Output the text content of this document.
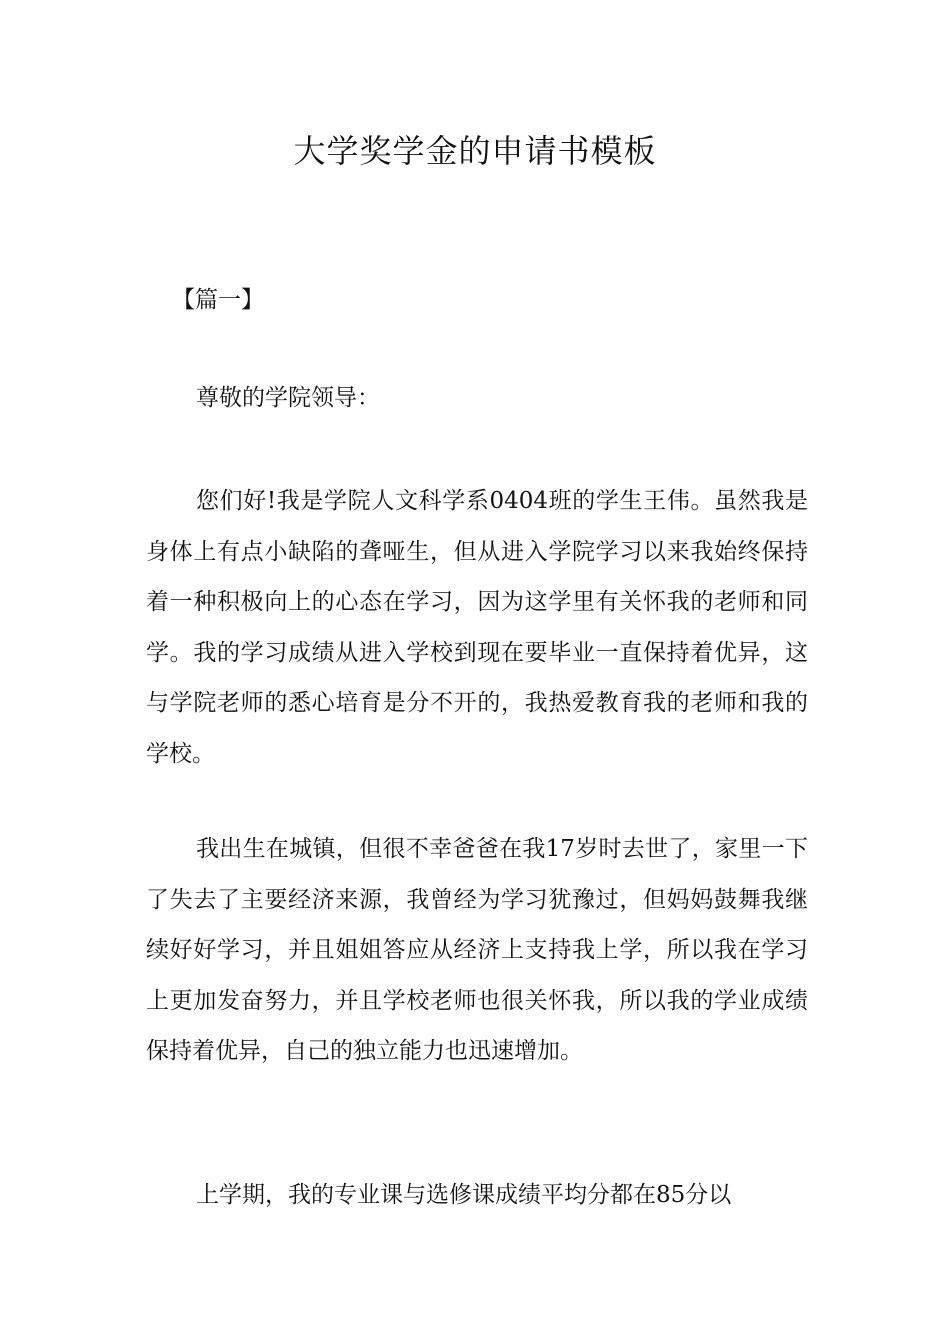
大学奖学金的申请书模板

【篇一】

尊敬的学院领导：

您们好!我是学院人文科学系0404班的学生王伟。虽然我是身体上有点小缺陷的聋哑生，但从进入学院学习以来我始终保持着一种积极向上的心态在学习，因为这学里有关怀我的老师和同学。我的学习成绩从进入学校到现在要毕业一直保持着优异，这与学院老师的悉心培育是分不开的，我热爱教育我的老师和我的学校。

我出生在城镇，但很不幸爸爸在我17岁时去世了，家里一下了失去了主要经济来源，我曾经为学习犹豫过，但妈妈鼓舞我继续好好学习，并且姐姐答应从经济上支持我上学，所以我在学习上更加发奋努力，并且学校老师也很关怀我，所以我的学业成绩保持着优异，自己的独立能力也迅速增加。

上学期，我的专业课与选修课成绩平均分都在85分以
